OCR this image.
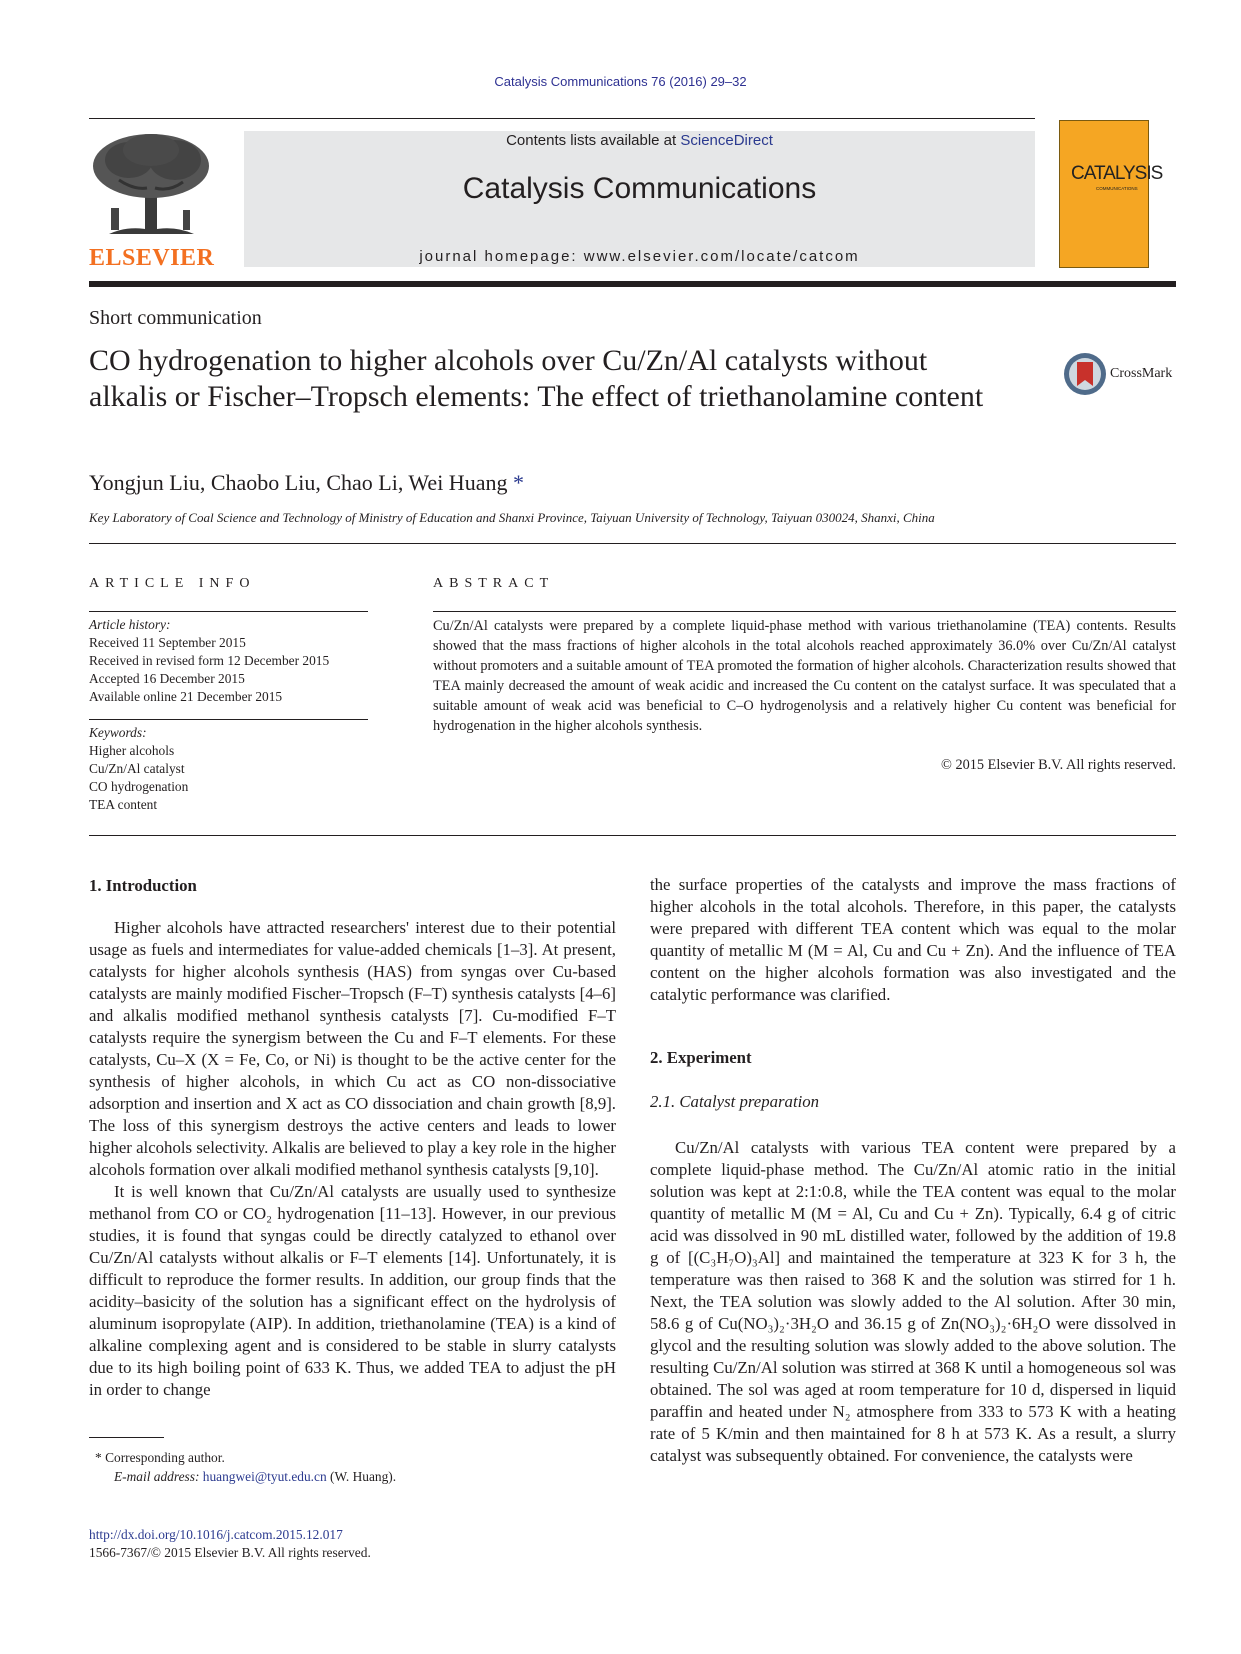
Catalysis Communications 76 (2016) 29–32
ELSEVIER
Contents lists available at ScienceDirect
Catalysis Communications
journal homepage: www.elsevier.com/locate/catcom
CATALYSIS
COMMUNICATIONS
Short communication
CO hydrogenation to higher alcohols over Cu/Zn/Al catalysts without alkalis or Fischer–Tropsch elements: The effect of triethanolamine content
CrossMark
Yongjun Liu, Chaobo Liu, Chao Li, Wei Huang *
Key Laboratory of Coal Science and Technology of Ministry of Education and Shanxi Province, Taiyuan University of Technology, Taiyuan 030024, Shanxi, China
ARTICLE INFO	ABSTRACT
Article history:
Received 11 September 2015
Received in revised form 12 December 2015
Accepted 16 December 2015
Available online 21 December 2015
Keywords:
Higher alcohols
Cu/Zn/Al catalyst
CO hydrogenation
TEA content
Cu/Zn/Al catalysts were prepared by a complete liquid-phase method with various triethanolamine (TEA) contents. Results showed that the mass fractions of higher alcohols in the total alcohols reached approximately 36.0% over Cu/Zn/Al catalyst without promoters and a suitable amount of TEA promoted the formation of higher alcohols. Characterization results showed that TEA mainly decreased the amount of weak acidic and increased the Cu content on the catalyst surface. It was speculated that a suitable amount of weak acid was beneficial to C–O hydrogenolysis and a relatively higher Cu content was beneficial for hydrogenation in the higher alcohols synthesis.
© 2015 Elsevier B.V. All rights reserved.
1. Introduction

Higher alcohols have attracted researchers' interest due to their potential usage as fuels and intermediates for value-added chemicals [1–3]. At present, catalysts for higher alcohols synthesis (HAS) from syngas over Cu-based catalysts are mainly modified Fischer–Tropsch (F–T) synthesis catalysts [4–6] and alkalis modified methanol synthesis catalysts [7]. Cu-modified F–T catalysts require the synergism between the Cu and F–T elements. For these catalysts, Cu–X (X = Fe, Co, or Ni) is thought to be the active center for the synthesis of higher alcohols, in which Cu act as CO non-dissociative adsorption and insertion and X act as CO dissociation and chain growth [8,9]. The loss of this synergism destroys the active centers and leads to lower higher alcohols selectivity. Alkalis are believed to play a key role in the higher alcohols formation over alkali modified methanol synthesis catalysts [9,10].

It is well known that Cu/Zn/Al catalysts are usually used to synthesize methanol from CO or CO₂ hydrogenation [11–13]. However, in our previous studies, it is found that syngas could be directly catalyzed to ethanol over Cu/Zn/Al catalysts without alkalis or F–T elements [14]. Unfortunately, it is difficult to reproduce the former results. In addition, our group finds that the acidity–basicity of the solution has a significant effect on the hydrolysis of aluminum isopropylate (AIP). In addition, triethanolamine (TEA) is a kind of alkaline complexing agent and is considered to be stable in slurry catalysts due to its high boiling point of 633 K. Thus, we added TEA to adjust the pH in order to change

the surface properties of the catalysts and improve the mass fractions of higher alcohols in the total alcohols. Therefore, in this paper, the catalysts were prepared with different TEA content which was equal to the molar quantity of metallic M (M = Al, Cu and Cu + Zn). And the influence of TEA content on the higher alcohols formation was also investigated and the catalytic performance was clarified.

2. Experiment
2.1. Catalyst preparation

Cu/Zn/Al catalysts with various TEA content were prepared by a complete liquid-phase method. The Cu/Zn/Al atomic ratio in the initial solution was kept at 2:1:0.8, while the TEA content was equal to the molar quantity of metallic M (M = Al, Cu and Cu + Zn). Typically, 6.4 g of citric acid was dissolved in 90 mL distilled water, followed by the addition of 19.8 g of [(C₃H₇O)₃Al] and maintained the temperature at 323 K for 3 h, the temperature was then raised to 368 K and the solution was stirred for 1 h. Next, the TEA solution was slowly added to the Al solution. After 30 min, 58.6 g of Cu(NO₃)₂·3H₂O and 36.15 g of Zn(NO₃)₂·6H₂O were dissolved in glycol and the resulting solution was slowly added to the above solution. The resulting Cu/Zn/Al solution was stirred at 368 K until a homogeneous sol was obtained. The sol was aged at room temperature for 10 d, dispersed in liquid paraffin and heated under N₂ atmosphere from 333 to 573 K with a heating rate of 5 K/min and then maintained for 8 h at 573 K. As a result, a slurry catalyst was subsequently obtained. For convenience, the catalysts were

* Corresponding author.
E-mail address: huangwei@tyut.edu.cn (W. Huang).
http://dx.doi.org/10.1016/j.catcom.2015.12.017
1566-7367/© 2015 Elsevier B.V. All rights reserved.
